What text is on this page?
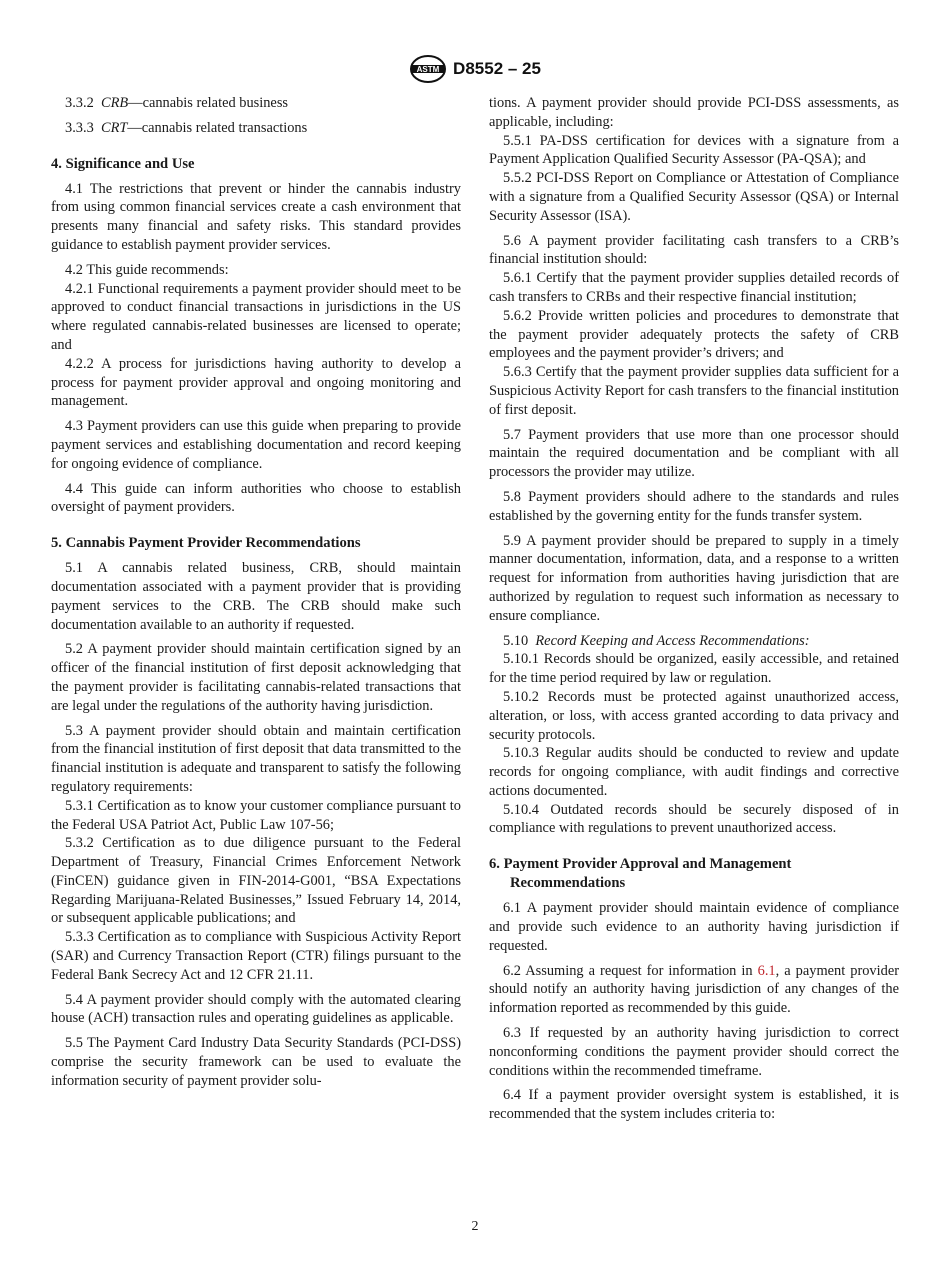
ASTM D8552 – 25

3.3.2 CRB—cannabis related business

3.3.3 CRT—cannabis related transactions

4. Significance and Use

4.1 The restrictions that prevent or hinder the cannabis industry from using common financial services create a cash environment that presents many financial and safety risks. This standard provides guidance to establish payment provider services.

4.2 This guide recommends:

4.2.1 Functional requirements a payment provider should meet to be approved to conduct financial transactions in jurisdictions in the US where regulated cannabis-related businesses are licensed to operate; and

4.2.2 A process for jurisdictions having authority to develop a process for payment provider approval and ongoing monitoring and management.

4.3 Payment providers can use this guide when preparing to provide payment services and establishing documentation and record keeping for ongoing evidence of compliance.

4.4 This guide can inform authorities who choose to establish oversight of payment providers.

5. Cannabis Payment Provider Recommendations

5.1 A cannabis related business, CRB, should maintain documentation associated with a payment provider that is providing payment services to the CRB. The CRB should make such documentation available to an authority if requested.

5.2 A payment provider should maintain certification signed by an officer of the financial institution of first deposit acknowledging that the payment provider is facilitating cannabis-related transactions that are legal under the regulations of the authority having jurisdiction.

5.3 A payment provider should obtain and maintain certification from the financial institution of first deposit that data transmitted to the financial institution is adequate and transparent to satisfy the following regulatory requirements:

5.3.1 Certification as to know your customer compliance pursuant to the Federal USA Patriot Act, Public Law 107-56;

5.3.2 Certification as to due diligence pursuant to the Federal Department of Treasury, Financial Crimes Enforcement Network (FinCEN) guidance given in FIN-2014-G001, “BSA Expectations Regarding Marijuana-Related Businesses,” Issued February 14, 2014, or subsequent applicable publications; and

5.3.3 Certification as to compliance with Suspicious Activity Report (SAR) and Currency Transaction Report (CTR) filings pursuant to the Federal Bank Secrecy Act and 12 CFR 21.11.

5.4 A payment provider should comply with the automated clearing house (ACH) transaction rules and operating guidelines as applicable.

5.5 The Payment Card Industry Data Security Standards (PCI-DSS) comprise the security framework can be used to evaluate the information security of payment provider solu-

tions. A payment provider should provide PCI-DSS assessments, as applicable, including:

5.5.1 PA-DSS certification for devices with a signature from a Payment Application Qualified Security Assessor (PA-QSA); and

5.5.2 PCI-DSS Report on Compliance or Attestation of Compliance with a signature from a Qualified Security Assessor (QSA) or Internal Security Assessor (ISA).

5.6 A payment provider facilitating cash transfers to a CRB’s financial institution should:

5.6.1 Certify that the payment provider supplies detailed records of cash transfers to CRBs and their respective financial institution;

5.6.2 Provide written policies and procedures to demonstrate that the payment provider adequately protects the safety of CRB employees and the payment provider’s drivers; and

5.6.3 Certify that the payment provider supplies data sufficient for a Suspicious Activity Report for cash transfers to the financial institution of first deposit.

5.7 Payment providers that use more than one processor should maintain the required documentation and be compliant with all processors the provider may utilize.

5.8 Payment providers should adhere to the standards and rules established by the governing entity for the funds transfer system.

5.9 A payment provider should be prepared to supply in a timely manner documentation, information, data, and a response to a written request for information from authorities having jurisdiction that are authorized by regulation to request such information as necessary to ensure compliance.

5.10 Record Keeping and Access Recommendations:

5.10.1 Records should be organized, easily accessible, and retained for the time period required by law or regulation.

5.10.2 Records must be protected against unauthorized access, alteration, or loss, with access granted according to data privacy and security protocols.

5.10.3 Regular audits should be conducted to review and update records for ongoing compliance, with audit findings and corrective actions documented.

5.10.4 Outdated records should be securely disposed of in compliance with regulations to prevent unauthorized access.

6. Payment Provider Approval and Management
Recommendations

6.1 A payment provider should maintain evidence of compliance and provide such evidence to an authority having jurisdiction if requested.

6.2 Assuming a request for information in 6.1, a payment provider should notify an authority having jurisdiction of any changes of the information reported as recommended by this guide.

6.3 If requested by an authority having jurisdiction to correct nonconforming conditions the payment provider should correct the conditions within the recommended timeframe.

6.4 If a payment provider oversight system is established, it is recommended that the system includes criteria to:

2
